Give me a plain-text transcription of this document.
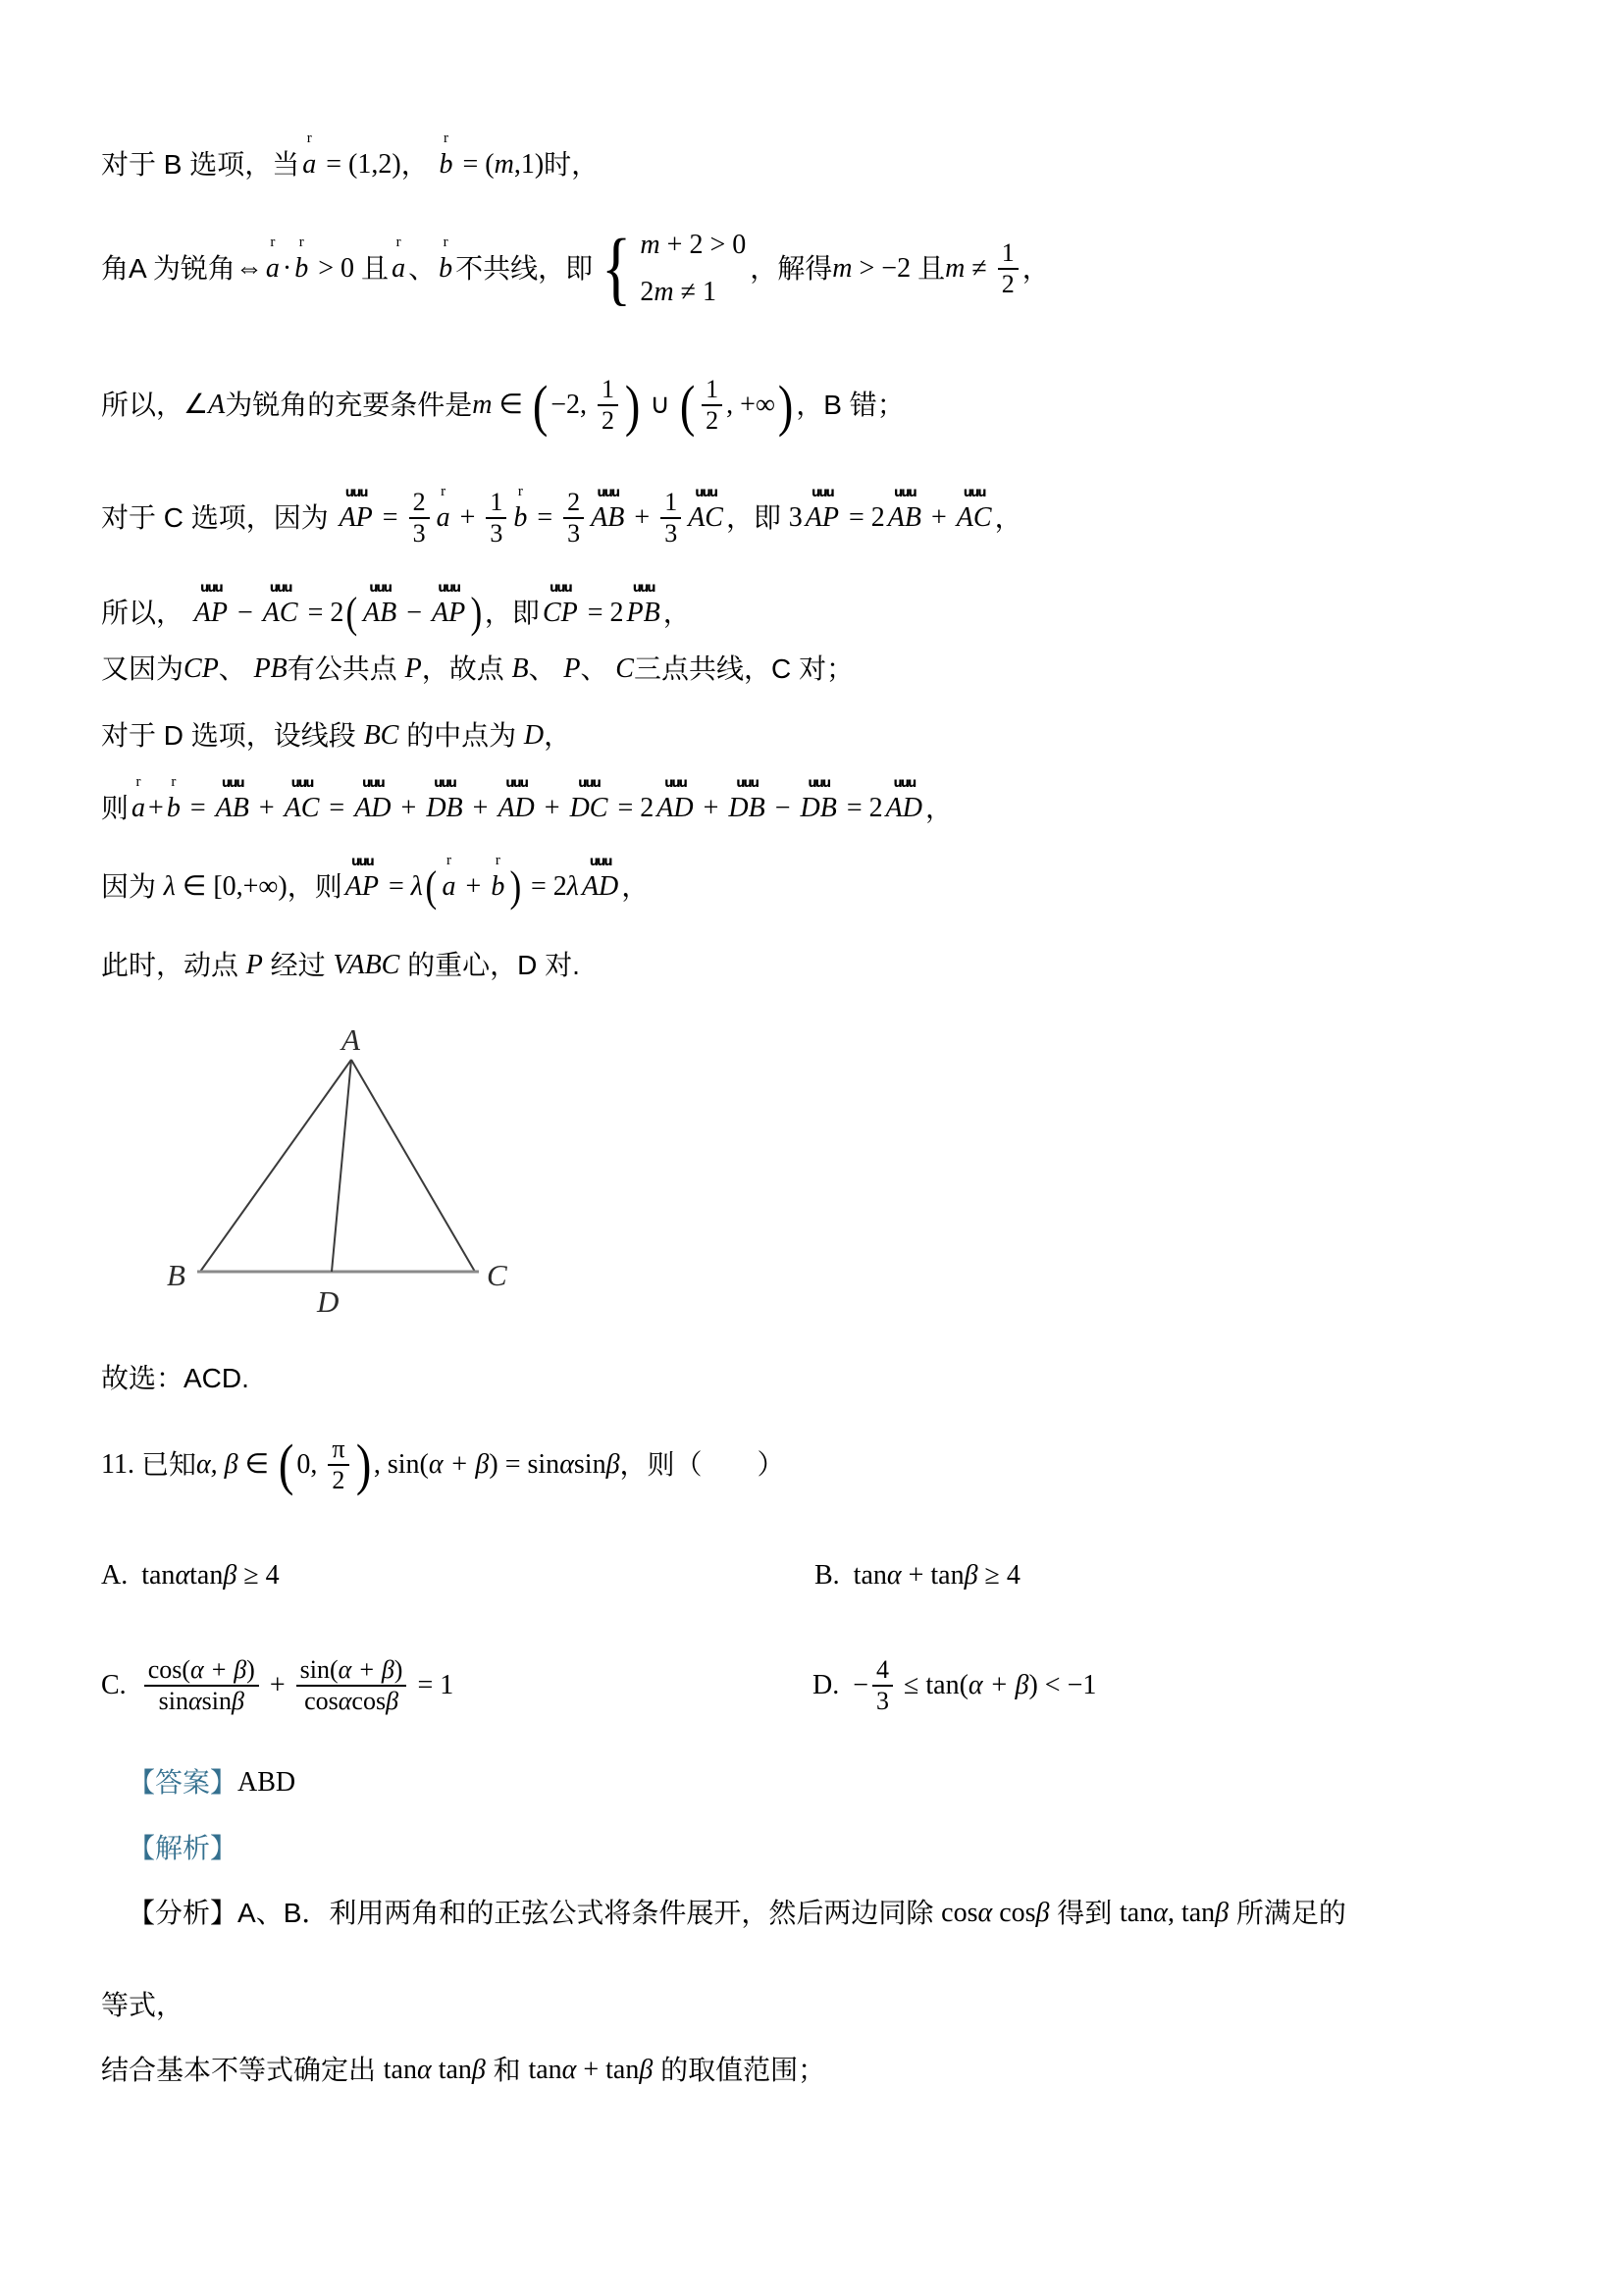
对于 B 选项，当 r a = (1,2) ， r b = ( m ,1) 时，
角A 为锐角 ⇔ r a · r b > 0 且 r a 、 r b 不共线，即 { m + 2 > 0
2 m ≠ 1
，解得 m > −2 且 $m \ne \frac{1}{2}$ ，
所以， ∠ A 为锐角的充要条件是 m ∈ ( −2, $\frac{1}{2}$ ) ∪ ( $\frac{1}{2}$ , +∞ ) ，B 错；
对于 C 选项，因为 uuu AP = $\frac{2}{3}$ r $a + \frac{1}{3}$ r $b = \frac{2}{3}$ uuu AB + $\frac{1}{3}$ uuu AC ，即 3 uuu AP = 2 uuu AB + uuu AC ，
所以， uuu AP − uuu AC = 2 ( uuu AB − uuu AP ) ，即 uuu CP = 2 uuu PB ，
又因为 CP 、 PB 有公共点 P ，故点 B 、 P 、 C 三点共线，C 对；
对于 D 选项，设线段 BC 的中点为 D ，
则 r a + r b = uuu AB + uuu AC = uuu AD + uuu DB + uuu AD + uuu DC = 2 uuu AD + uuu DB − uuu DB = 2 uuu AD ，
因为 λ ∈ [0,+∞) ，则 uuu AP = λ ( r a + r b ) = 2 λ uuu AD ，
此时，动点 P 经过 VABC 的重心，D 对.
A
B	C
D
故选：ACD.
11. 已知 α, β ∈ ( 0, $\frac{\pi}{2}$ ) , sin ( α + β ) = sin α sin β ，则（　　）
A.  tan α tan β ≥ 4	B.  tan α + tan β ≥ 4
C. $\frac{\cos( \alpha + \beta )}{\text{sin α sin β}} + \frac{\sin( \alpha + \beta )}{\text{cos α cos β}} = 1$	D.  − $\frac{4}{3} \le \tan$( α + β ) < −1
【答案】 ABD
【解析】
【分析】 A、B．利用两角和的正弦公式将条件展开，然后两边同除 cos α cos β 得到 tan α , tan β 所满足的
等式，
结合基本不等式确定出 tan α tan β 和 tan α + tan β 的取值范围；
